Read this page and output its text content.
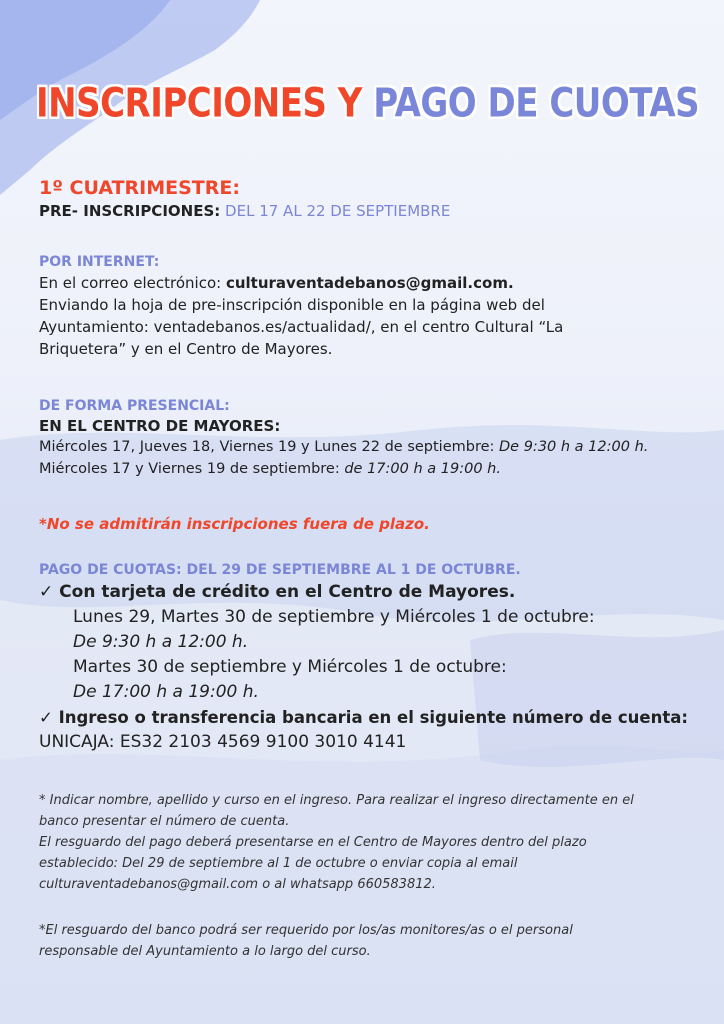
INSCRIPCIONES Y PAGO DE CUOTAS
1º CUATRIMESTRE:
PRE- INSCRIPCIONES: DEL 17 AL 22 DE SEPTIEMBRE
POR INTERNET:
En el correo electrónico: culturaventadebanos@gmail.com.
Enviando la hoja de pre-inscripción disponible en la página web del
Ayuntamiento: ventadebanos.es/actualidad/, en el centro Cultural “La
Briquetera” y en el Centro de Mayores.
DE FORMA PRESENCIAL:
EN EL CENTRO DE MAYORES:
Miércoles 17, Jueves 18, Viernes 19 y Lunes 22 de septiembre: De 9:30 h a 12:00 h.
Miércoles 17 y Viernes 19 de septiembre: de 17:00 h a 19:00 h.
*No se admitirán inscripciones fuera de plazo.
PAGO DE CUOTAS: DEL 29 DE SEPTIEMBRE AL 1 DE OCTUBRE.
✓ Con tarjeta de crédito en el Centro de Mayores.
Lunes 29, Martes 30 de septiembre y Miércoles 1 de octubre:
De 9:30 h a 12:00 h.
Martes 30 de septiembre y Miércoles 1 de octubre:
De 17:00 h a 19:00 h.
✓ Ingreso o transferencia bancaria en el siguiente número de cuenta:
UNICAJA: ES32 2103 4569 9100 3010 4141
* Indicar nombre, apellido y curso en el ingreso. Para realizar el ingreso directamente en el
banco presentar el número de cuenta.
El resguardo del pago deberá presentarse en el Centro de Mayores dentro del plazo
establecido: Del 29 de septiembre al 1 de octubre o enviar copia al email
culturaventadebanos@gmail.com o al whatsapp 660583812.
*El resguardo del banco podrá ser requerido por los/as monitores/as o el personal
responsable del Ayuntamiento a lo largo del curso.
